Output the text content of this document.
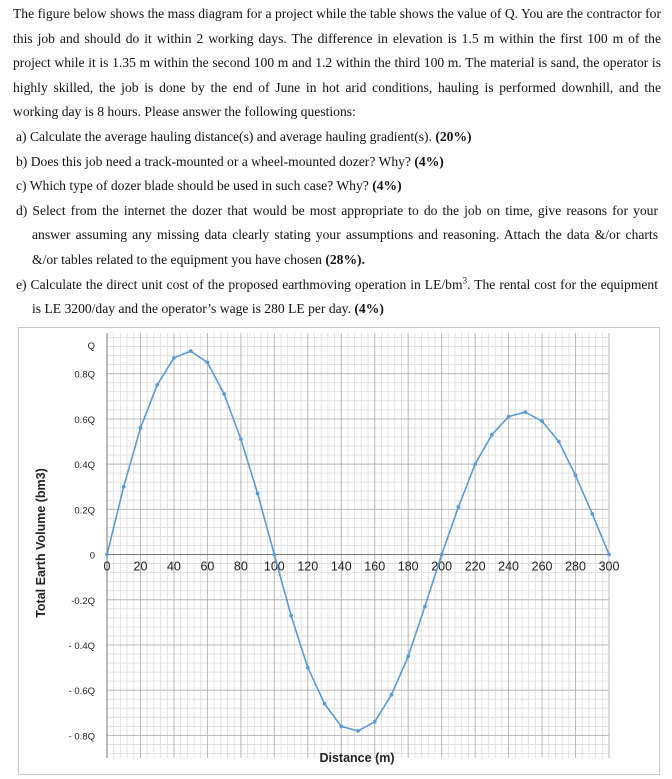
The figure below shows the mass diagram for a project while the table shows the value of Q. You are the contractor for this job and should do it within 2 working days. The difference in elevation is 1.5 m within the first 100 m of the project while it is 1.35 m within the second 100 m and 1.2 within the third 100 m. The material is sand, the operator is highly skilled, the job is done by the end of June in hot arid conditions, hauling is performed downhill, and the working day is 8 hours. Please answer the following questions:
a) Calculate the average hauling distance(s) and average hauling gradient(s). (20%)
b) Does this job need a track-mounted or a wheel-mounted dozer? Why? (4%)
c) Which type of dozer blade should be used in such case? Why? (4%)
d) Select from the internet the dozer that would be most appropriate to do the job on time, give reasons for your answer assuming any missing data clearly stating your assumptions and reasoning. Attach the data &/or charts &/or tables related to the equipment you have chosen (28%).
e) Calculate the direct unit cost of the proposed earthmoving operation in $LE/bm^3$. The rental cost for the equipment is LE 3200/day and the operator’s wage is 280 LE per day. (4%)
0 20 40 60 80 100 120 140 160 180 200 220 240 260 280 300
0.8Q
0.6Q
0.4Q
0.2Q
0
-0.2Q
- 0.4Q
- 0.6Q
- 0.8Q
Distance (m)
Total Earth Volume (bm3)
Q
